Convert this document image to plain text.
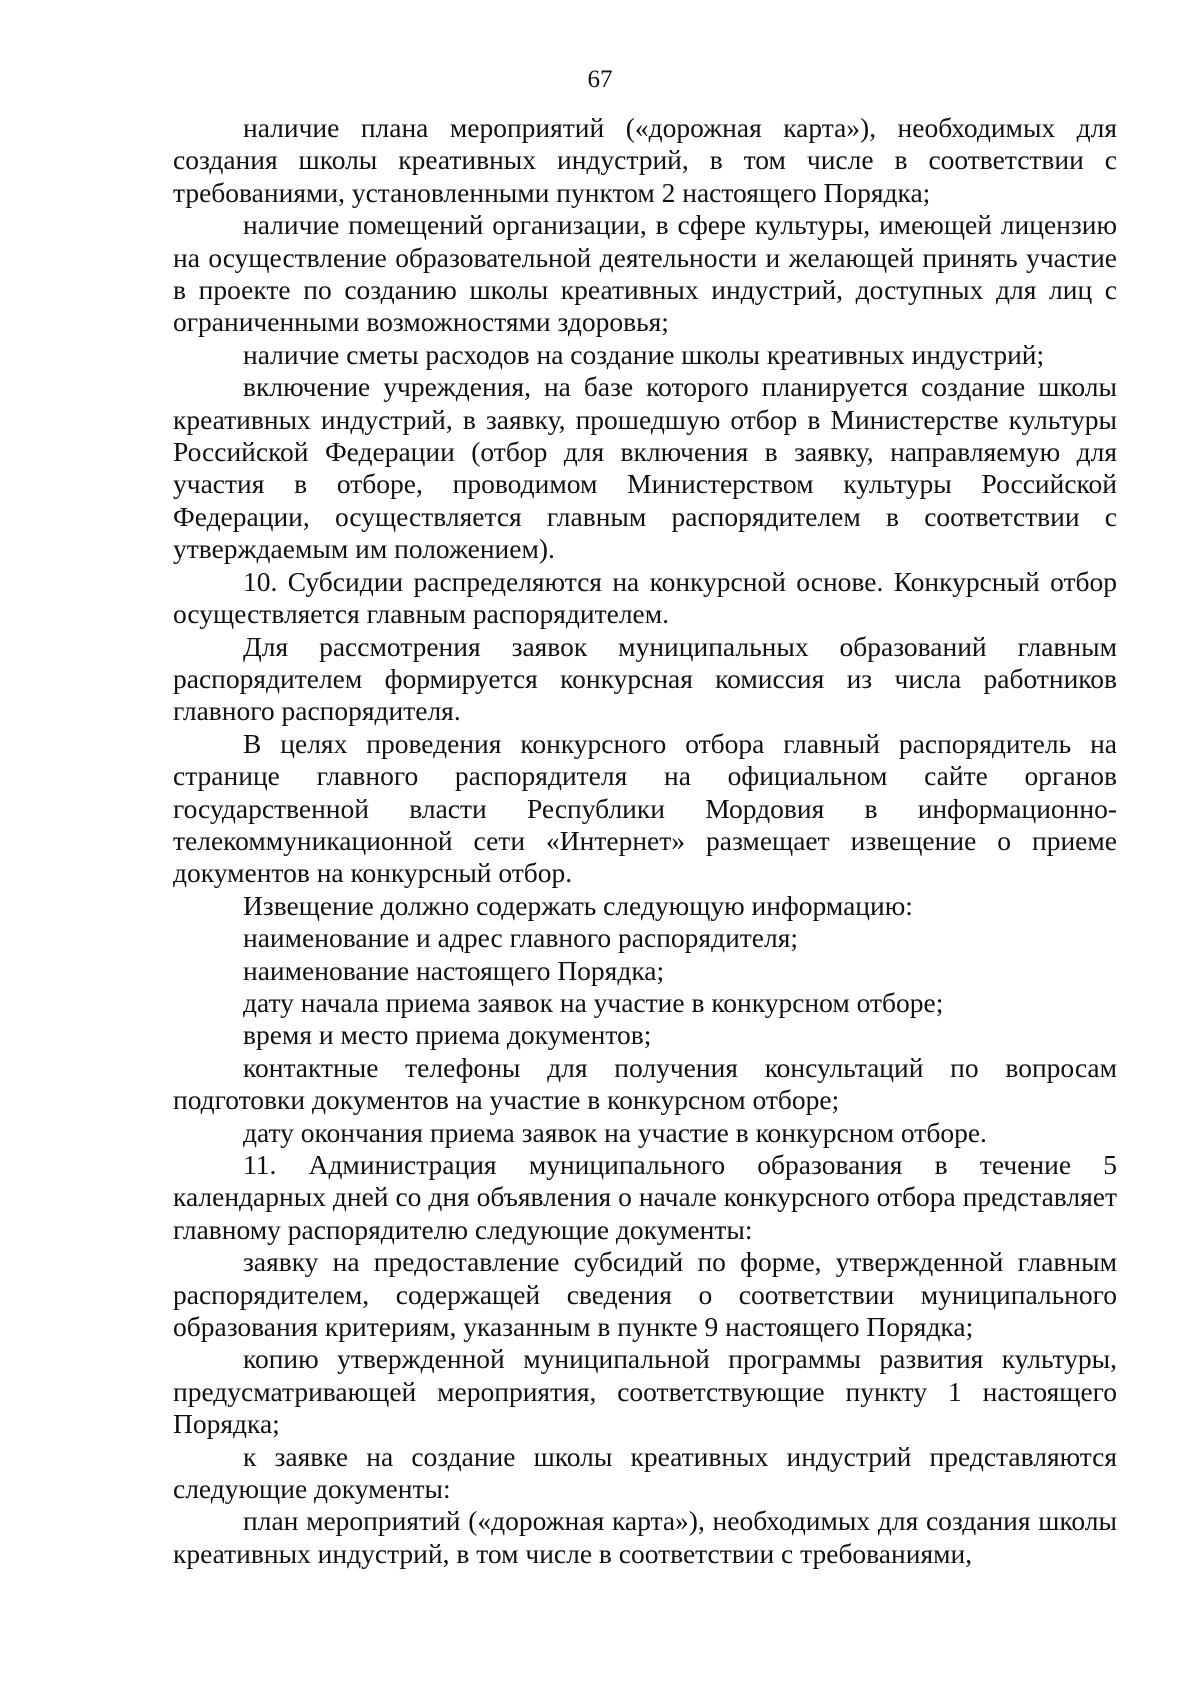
67

наличие плана мероприятий («дорожная карта»), необходимых для создания школы креативных индустрий, в том числе в соответствии с требованиями, установленными пунктом 2 настоящего Порядка;

наличие помещений организации, в сфере культуры, имеющей лицензию на осуществление образовательной деятельности и желающей принять участие в проекте по созданию школы креативных индустрий, доступных для лиц с ограниченными возможностями здоровья;

наличие сметы расходов на создание школы креативных индустрий;

включение учреждения, на базе которого планируется создание школы креативных индустрий, в заявку, прошедшую отбор в Министерстве культуры Российской Федерации (отбор для включения в заявку, направляемую для участия в отборе, проводимом Министерством культуры Российской Федерации, осуществляется главным распорядителем в соответствии с утверждаемым им положением).

10. Субсидии распределяются на конкурсной основе. Конкурсный отбор осуществляется главным распорядителем.

Для рассмотрения заявок муниципальных образований главным распорядителем формируется конкурсная комиссия из числа работников главного распорядителя.

В целях проведения конкурсного отбора главный распорядитель на странице главного распорядителя на официальном сайте органов государственной власти Республики Мордовия в информационно-телекоммуникационной сети «Интернет» размещает извещение о приеме документов на конкурсный отбор.

Извещение должно содержать следующую информацию:

наименование и адрес главного распорядителя;

наименование настоящего Порядка;

дату начала приема заявок на участие в конкурсном отборе;

время и место приема документов;

контактные телефоны для получения консультаций по вопросам подготовки документов на участие в конкурсном отборе;

дату окончания приема заявок на участие в конкурсном отборе.

11. Администрация муниципального образования в течение 5 календарных дней со дня объявления о начале конкурсного отбора представляет главному распорядителю следующие документы:

заявку на предоставление субсидий по форме, утвержденной главным распорядителем, содержащей сведения о соответствии муниципального образования критериям, указанным в пункте 9 настоящего Порядка;

копию утвержденной муниципальной программы развития культуры, предусматривающей мероприятия, соответствующие пункту 1 настоящего Порядка;

к заявке на создание школы креативных индустрий представляются следующие документы:

план мероприятий («дорожная карта»), необходимых для создания школы креативных индустрий, в том числе в соответствии с требованиями,
